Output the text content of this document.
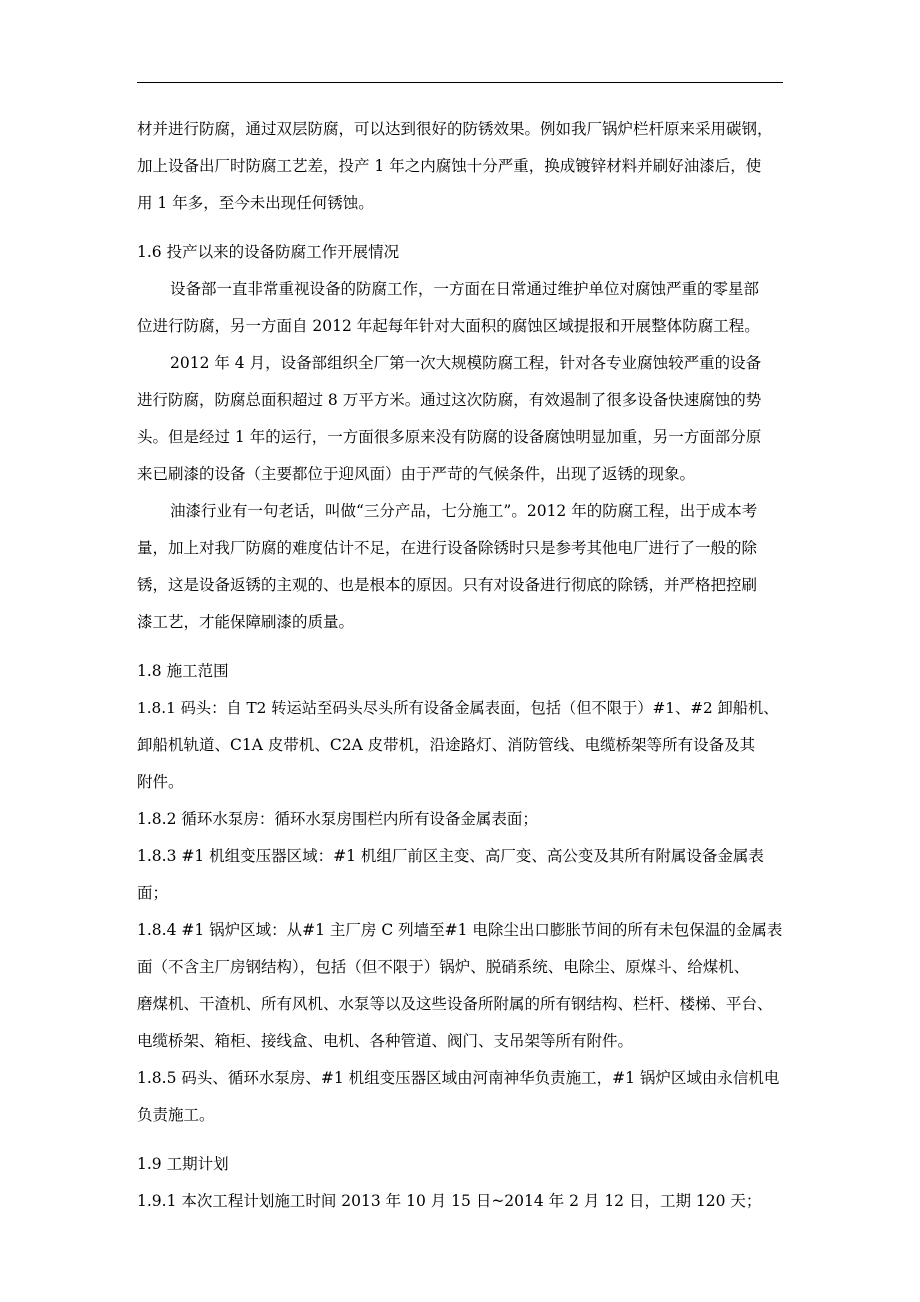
材并进行防腐，通过双层防腐，可以达到很好的防锈效果。例如我厂锅炉栏杆原来采用碳钢，
加上设备出厂时防腐工艺差，投产 1 年之内腐蚀十分严重，换成镀锌材料并刷好油漆后，使
用 1 年多，至今未出现任何锈蚀。
1.6 投产以来的设备防腐工作开展情况
设备部一直非常重视设备的防腐工作，一方面在日常通过维护单位对腐蚀严重的零星部
位进行防腐，另一方面自 2012 年起每年针对大面积的腐蚀区域提报和开展整体防腐工程。
2012 年 4 月，设备部组织全厂第一次大规模防腐工程，针对各专业腐蚀较严重的设备
进行防腐，防腐总面积超过 8 万平方米。通过这次防腐，有效遏制了很多设备快速腐蚀的势
头。但是经过 1 年的运行，一方面很多原来没有防腐的设备腐蚀明显加重，另一方面部分原
来已刷漆的设备（主要都位于迎风面）由于严苛的气候条件，出现了返锈的现象。
油漆行业有一句老话，叫做“三分产品，七分施工”。2012 年的防腐工程，出于成本考
量，加上对我厂防腐的难度估计不足，在进行设备除锈时只是参考其他电厂进行了一般的除
锈，这是设备返锈的主观的、也是根本的原因。只有对设备进行彻底的除锈，并严格把控刷
漆工艺，才能保障刷漆的质量。
1.8 施工范围
1.8.1 码头：自 T2 转运站至码头尽头所有设备金属表面，包括（但不限于）#1、#2 卸船机、
卸船机轨道、C1A 皮带机、C2A 皮带机，沿途路灯、消防管线、电缆桥架等所有设备及其
附件。
1.8.2 循环水泵房：循环水泵房围栏内所有设备金属表面；
1.8.3 #1 机组变压器区域：#1 机组厂前区主变、高厂变、高公变及其所有附属设备金属表
面；
1.8.4 #1 锅炉区域：从#1 主厂房 C 列墙至#1 电除尘出口膨胀节间的所有未包保温的金属表
面（不含主厂房钢结构），包括（但不限于）锅炉、脱硝系统、电除尘、原煤斗、给煤机、
磨煤机、干渣机、所有风机、水泵等以及这些设备所附属的所有钢结构、栏杆、楼梯、平台、
电缆桥架、箱柜、接线盒、电机、各种管道、阀门、支吊架等所有附件。
1.8.5 码头、循环水泵房、#1 机组变压器区域由河南神华负责施工，#1 锅炉区域由永信机电
负责施工。
1.9 工期计划
1.9.1 本次工程计划施工时间 2013 年 10 月 15 日~2014 年 2 月 12 日，工期 120 天；
